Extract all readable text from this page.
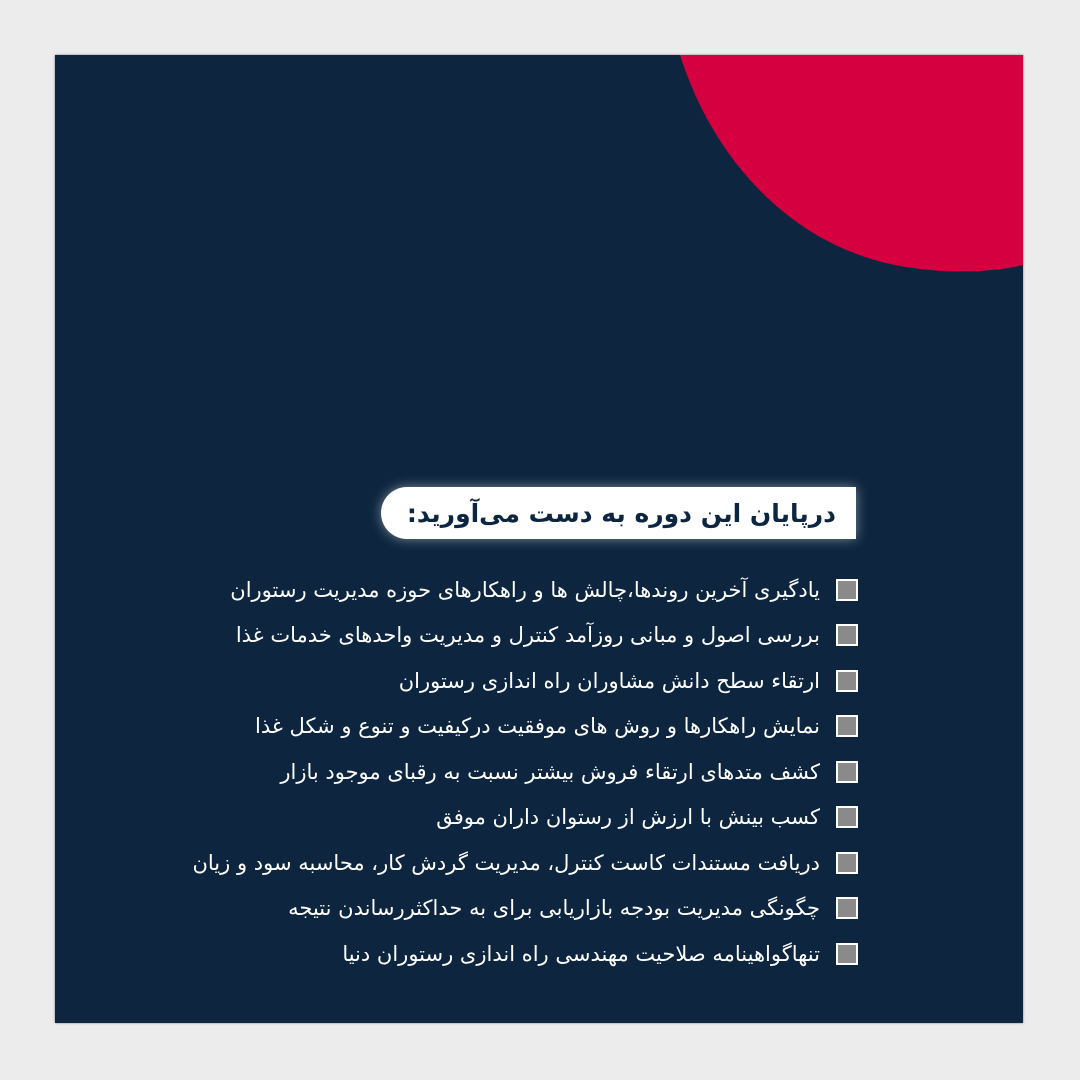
درپایان این دوره به دست می‌آورید:
یادگیری آخرین روندها،چالش ها و راهکارهای حوزه مدیریت رستوران
بررسی اصول و مبانی روزآمد کنترل و مدیریت واحدهای خدمات غذا
ارتقاء سطح دانش مشاوران راه اندازی رستوران
نمایش راهکارها و روش های موفقیت درکیفیت و تنوع و شکل غذا
کشف متدهای ارتقاء فروش بیشتر نسبت به رقبای موجود بازار
کسب بینش با ارزش از رستوان داران موفق
دریافت مستندات کاست کنترل، مدیریت گردش کار، محاسبه سود و زیان
چگونگی مدیریت بودجه بازاریابی برای به حداکثررساندن نتیجه
تنهاگواهینامه صلاحیت مهندسی راه اندازی رستوران دنیا
